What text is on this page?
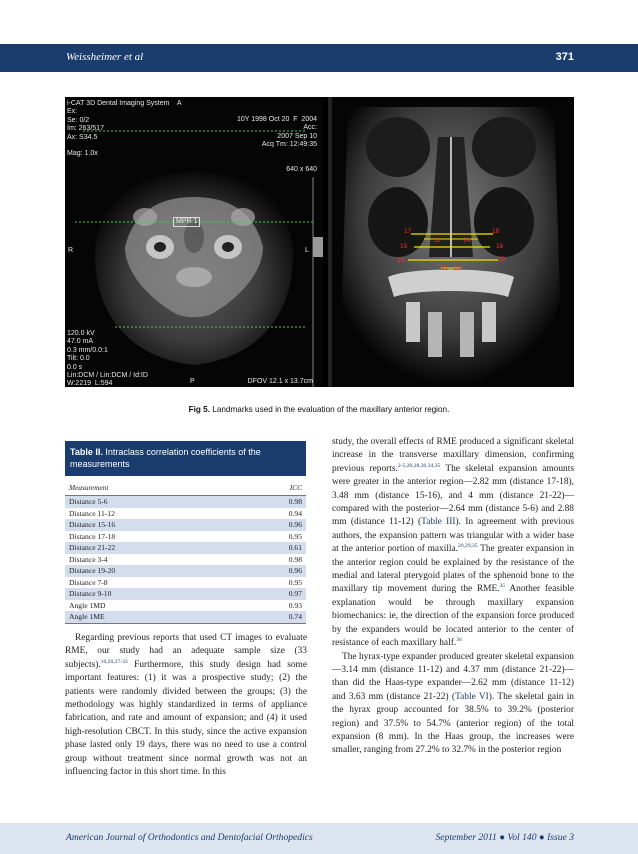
Weissheimer et al	371
i-CAT 3D Dental Imaging System    A
Ex:
Se: 0/2
Im: 263/517
Ax: S34.5

Mag: 1.0x
10Y 1998 Oct 20  F  2004
Acc:
2007 Sep 10
Acq Tm: 12:49:35

640 x 640
MPR 1
R	L
120.0 kV
47.0 mA
0.3 mm/0.0:1
Tilt: 0.0
0.0 s
Lin:DCM / Lin:DCM / Id:ID
W:2219  L:594	P	DFOV 12.1 x 13.7cm
17	18
11	14
15	16
19	20
21 22
Fig 5. Landmarks used in the evaluation of the maxillary anterior region.
Table II. Intraclass correlation coefficients of the measurements
Measurement	ICC
Distance 5-6	0.98
Distance 11-12	0.94
Distance 15-16	0.96
Distance 17-18	0.95
Distance 21-22	0.61
Distance 3-4	0.98
Distance 19-20	0.96
Distance 7-8	0.95
Distance 9-10	0.97
Angle 1MD	0.93
Angle 1ME	0.74

Regarding previous reports that used CT images to evaluate RME, our study had an adequate sample size (33 subjects).$^{10,20,27-33}$ Furthermore, this study design had some important features: (1) it was a prospective study; (2) the patients were randomly divided between the groups; (3) the methodology was highly standardized in terms of appliance fabrication, and rate and amount of expansion; and (4) it used high-resolution CBCT. In this study, since the active expansion phase lasted only 19 days, there was no need to use a control group without treatment since normal growth was not an influencing factor in this short time. In this

study, the overall effects of RME produced a significant skeletal increase in the transverse maxillary dimension, confirming previous reports.$^{2-5,20,28,30,34,35}$ The skeletal expansion amounts were greater in the anterior region—2.82 mm (distance 17-18), 3.48 mm (distance 15-16), and 4 mm (distance 21-22)—compared with the posterior—2.64 mm (distance 5-6) and 2.88 mm (distance 11-12) (Table III). In agreement with previous authors, the expansion pattern was triangular with a wider base at the anterior portion of maxilla.$^{20,29,35}$ The greater expansion in the anterior region could be explained by the resistance of the medial and lateral pterygoid plates of the sphenoid bone to the maxillary tip movement during the RME.$^{35}$ Another feasible explanation would be through maxillary expansion biomechanics: ie, the direction of the expansion force produced by the expanders would be located anterior to the center of resistance of each maxillary half.$^{36}$

The hyrax-type expander produced greater skeletal expansion—3.14 mm (distance 11-12) and 4.37 mm (distance 21-22)—than did the Haas-type expander—2.62 mm (distance 11-12) and 3.63 mm (distance 21-22) (Table VI). The skeletal gain in the hyrax group accounted for 38.5% to 39.2% (posterior region) and 37.5% to 54.7% (anterior region) of the total expansion (8 mm). In the Haas group, the increases were smaller, ranging from 27.2% to 32.7% in the posterior region

American Journal of Orthodontics and Dentofacial Orthopedics	September 2011 ● Vol 140 ● Issue 3
